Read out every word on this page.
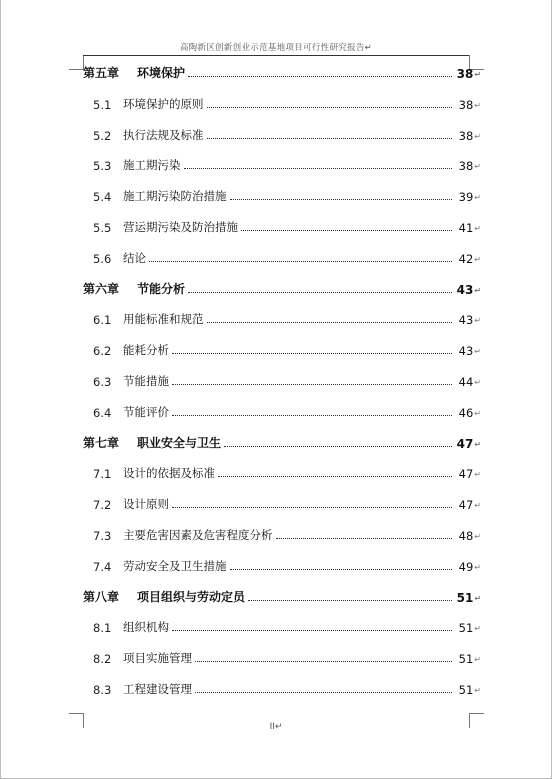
高陶新区创新创业示范基地项目可行性研究报告↵
第五章	环境保护	38 ↵
5.1	环境保护的原则	38 ↵
5.2	执行法规及标准	38 ↵
5.3	施工期污染	38 ↵
5.4	施工期污染防治措施	39 ↵
5.5	营运期污染及防治措施	41 ↵
5.6	结论	42 ↵
第六章	节能分析	43 ↵
6.1	用能标准和规范	43 ↵
6.2	能耗分析	43 ↵
6.3	节能措施	44 ↵
6.4	节能评价	46 ↵
第七章	职业安全与卫生	47 ↵
7.1	设计的依据及标准	47 ↵
7.2	设计原则	47 ↵
7.3	主要危害因素及危害程度分析	48 ↵
7.4	劳动安全及卫生措施	49 ↵
第八章	项目组织与劳动定员	51 ↵
8.1	组织机构	51 ↵
8.2	项目实施管理	51 ↵
8.3	工程建设管理	51 ↵
II↵
